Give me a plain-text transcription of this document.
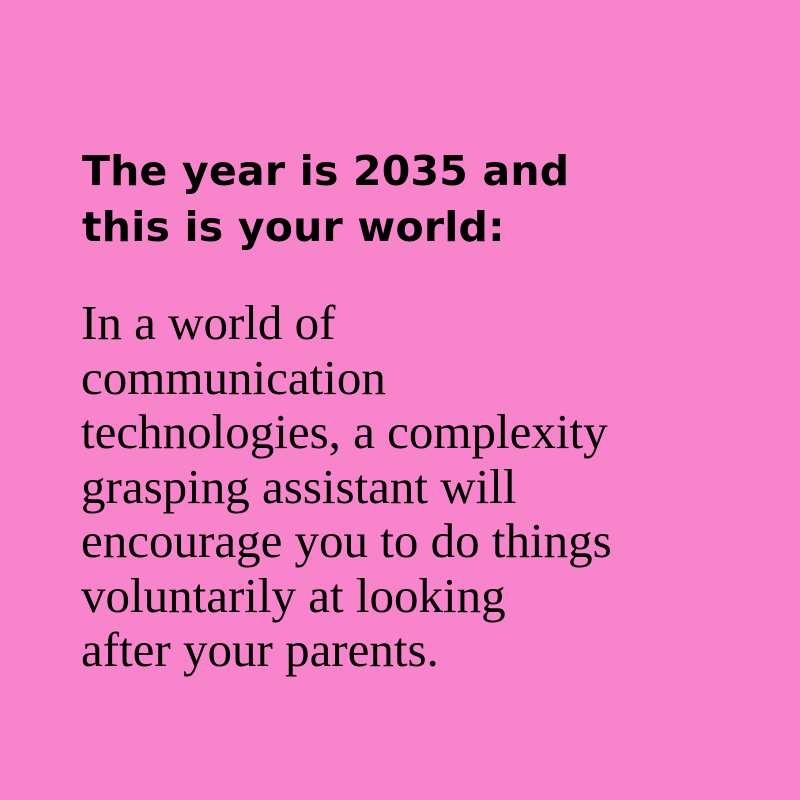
The year is 2035 and
this is your world:

In a world of
communication
technologies, a complexity
grasping assistant will
encourage you to do things
voluntarily at looking
after your parents.
